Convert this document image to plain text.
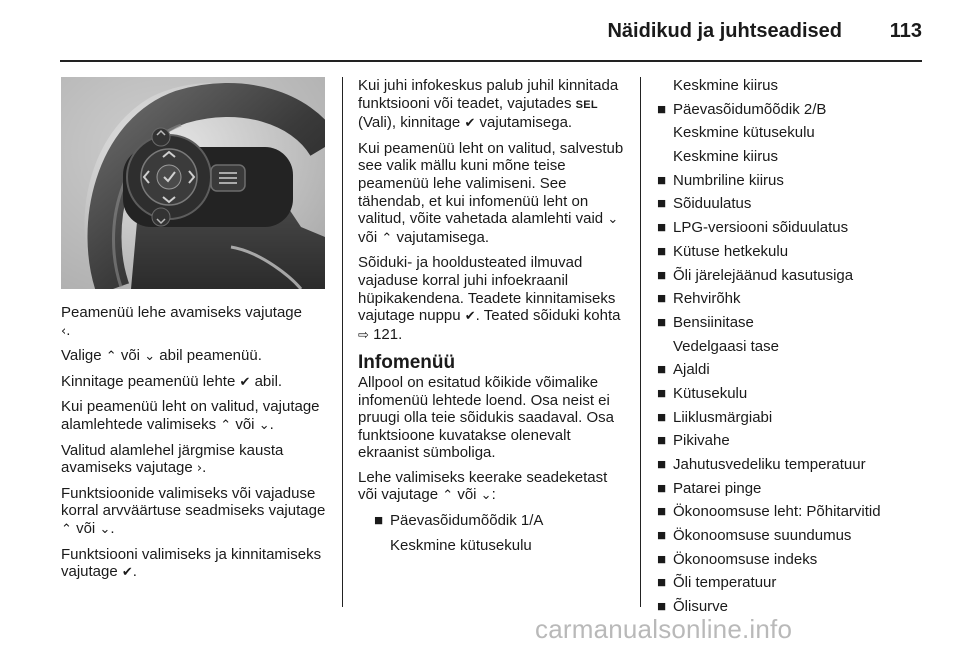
Näidikud ja juhtseadised 113

Peamenüü lehe avamiseks vajutage
‹.

Valige ⌃ või ⌄ abil peamenüü.

Kinnitage peamenüü lehte ✔ abil.

Kui peamenüü leht on valitud, vajutage alamlehtede valimiseks ⌃ või ⌄.

Valitud alamlehel järgmise kausta avamiseks vajutage ›.

Funktsioonide valimiseks või vajaduse korral arvväärtuse seadmiseks vajutage ⌃ või ⌄.

Funktsiooni valimiseks ja kinnitamiseks vajutage ✔.

Kui juhi infokeskus palub juhil kinnitada funktsiooni või teadet, vajutades SEL (Vali), kinnitage ✔ vajutamisega.

Kui peamenüü leht on valitud, salvestub see valik mällu kuni mõne teise peamenüü lehe valimiseni. See tähendab, et kui infomenüü leht on valitud, võite vahetada alamlehti vaid ⌄ või ⌃ vajutamisega.

Sõiduki- ja hooldusteated ilmuvad vajaduse korral juhi infoekraanil hüpikakendena. Teadete kinnitamiseks vajutage nuppu ✔. Teated sõiduki kohta ⇨ 121.

Infomenüü

Allpool on esitatud kõikide võimalike infomenüü lehtede loend. Osa neist ei pruugi olla teie sõidukis saadaval. Osa funktsioone kuvatakse olenevalt ekraanist sümboliga.

Lehe valimiseks keerake seadeketast või vajutage ⌃ või ⌄:

■ Päevasõidumõõdik 1/A

Keskmine kütusekulu

Keskmine kiirus

■ Päevasõidumõõdik 2/B

Keskmine kütusekulu

Keskmine kiirus

■ Numbriline kiirus

■ Sõiduulatus

■ LPG-versiooni sõiduulatus

■ Kütuse hetkekulu

■ Õli järelejäänud kasutusiga

■ Rehvirõhk

■ Bensiinitase

Vedelgaasi tase

■ Ajaldi

■ Kütusekulu

■ Liiklusmärgiabi

■ Pikivahe

■ Jahutusvedeliku temperatuur

■ Patarei pinge

■ Ökonoomsuse leht: Põhitarvitid

■ Ökonoomsuse suundumus

■ Ökonoomsuse indeks

■ Õli temperatuur

■ Õlisurve

carmanualsonline.info
